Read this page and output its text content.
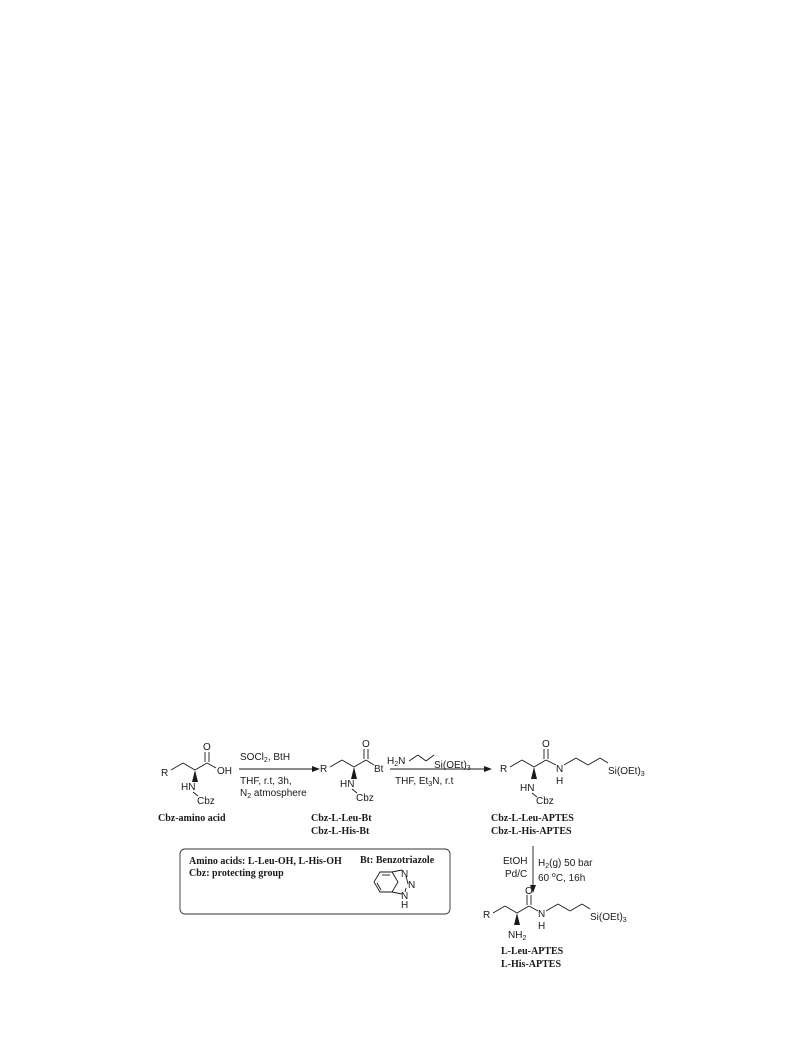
R
O
OH
HN
Cbz
Cbz-amino acid
SOCl$_2$, BtH
THF, r.t, 3h,
$N_2$ atmosphere
R
O
Bt
HN
Cbz
Cbz-L-Leu-Bt
Cbz-L-His-Bt
$H_2N$	$Si(OEt)_3$
THF, $Et_3N$, r.t
R
O
N
H
$Si(OEt)_3$
HN
Cbz
Cbz-L-Leu-APTES
Cbz-L-His-APTES
EtOH
Pd/C
$H_2(g)$ 50 bar
60 $^o$C, 16h
R
O
N
H
$Si(OEt)_3$
$NH_2$
L-Leu-APTES
L-His-APTES
Amino acids: L-Leu-OH, L-His-OH
Cbz: protecting group
Bt: Benzotriazole
N
N
N
H
